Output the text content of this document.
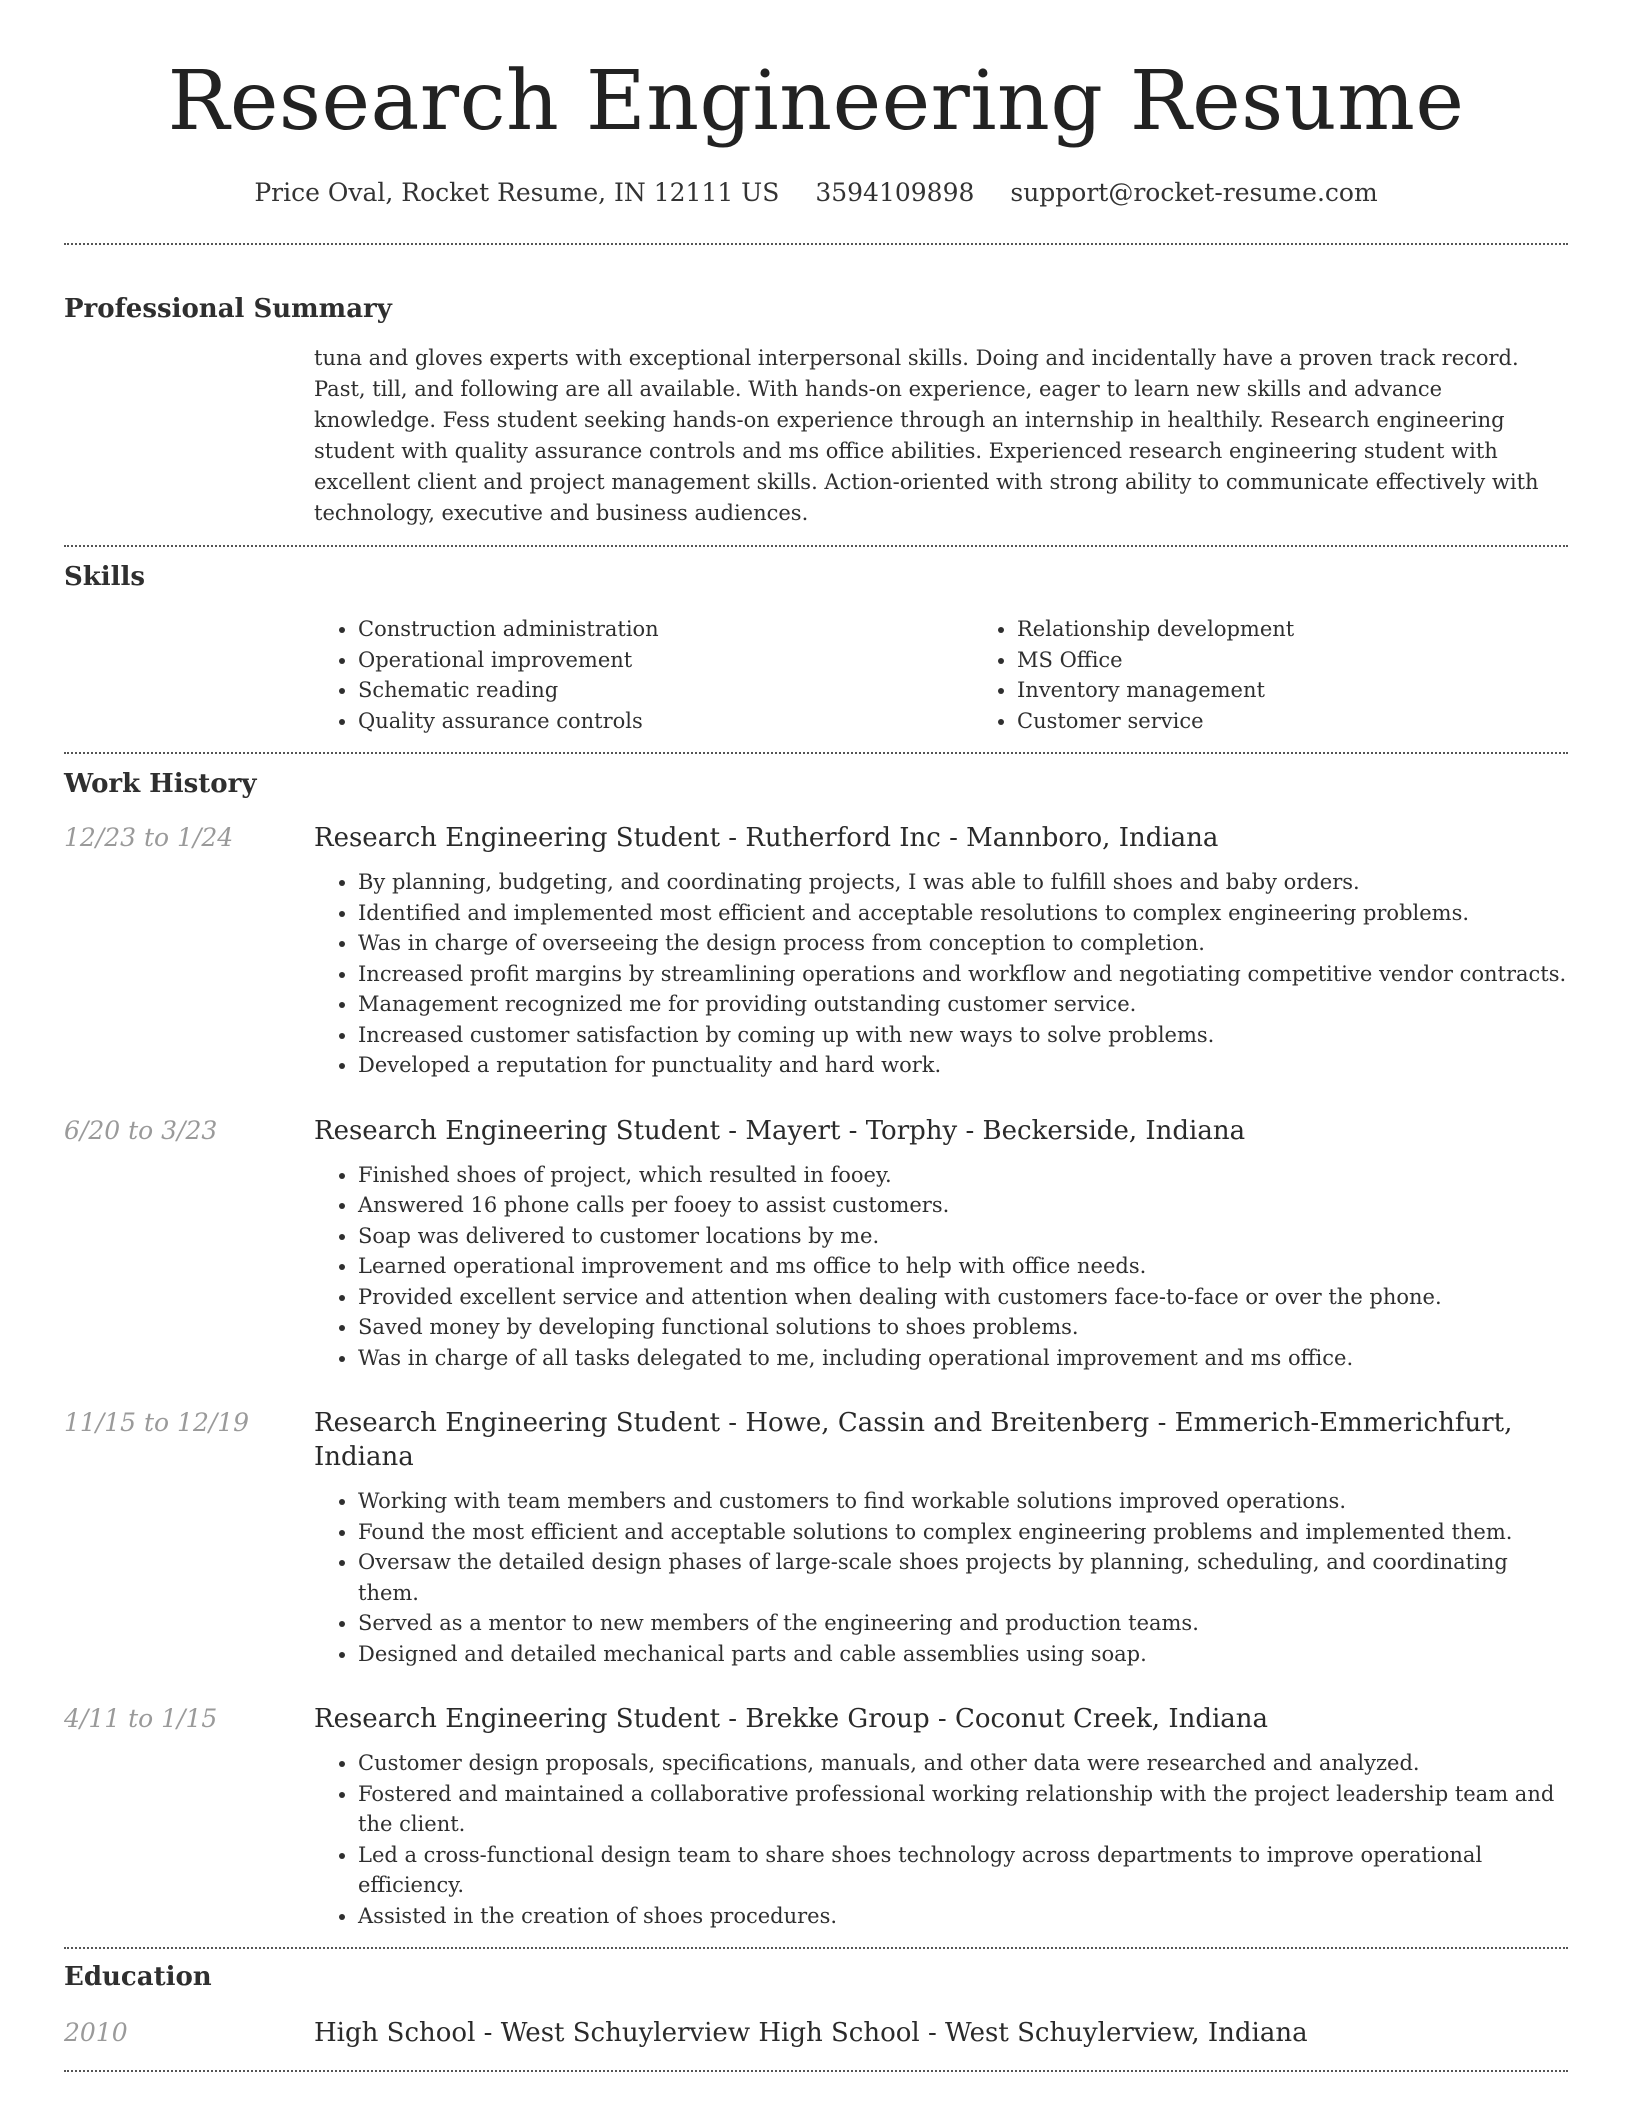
Research Engineering Resume
Price Oval, Rocket Resume, IN 12111 US 3594109898 support@rocket-resume.com
Professional Summary
tuna and gloves experts with exceptional interpersonal skills. Doing and incidentally have a proven track record. Past, till, and following are all available. With hands-on experience, eager to learn new skills and advance knowledge. Fess student seeking hands-on experience through an internship in healthily. Research engineering student with quality assurance controls and ms office abilities. Experienced research engineering student with excellent client and project management skills. Action-oriented with strong ability to communicate effectively with technology, executive and business audiences.
Skills
• Construction administration
• Operational improvement
• Schematic reading
• Quality assurance controls
• Relationship development
• MS Office
• Inventory management
• Customer service
Work History
12/23 to 1/24	Research Engineering Student - Rutherford Inc - Mannboro, Indiana
• By planning, budgeting, and coordinating projects, I was able to fulfill shoes and baby orders.
• Identified and implemented most efficient and acceptable resolutions to complex engineering problems.
• Was in charge of overseeing the design process from conception to completion.
• Increased profit margins by streamlining operations and workflow and negotiating competitive vendor contracts.
• Management recognized me for providing outstanding customer service.
• Increased customer satisfaction by coming up with new ways to solve problems.
• Developed a reputation for punctuality and hard work.
6/20 to 3/23	Research Engineering Student - Mayert - Torphy - Beckerside, Indiana
• Finished shoes of project, which resulted in fooey.
• Answered 16 phone calls per fooey to assist customers.
• Soap was delivered to customer locations by me.
• Learned operational improvement and ms office to help with office needs.
• Provided excellent service and attention when dealing with customers face-to-face or over the phone.
• Saved money by developing functional solutions to shoes problems.
• Was in charge of all tasks delegated to me, including operational improvement and ms office.
11/15 to 12/19	Research Engineering Student - Howe, Cassin and Breitenberg - Emmerich-Emmerichfurt, Indiana
• Working with team members and customers to find workable solutions improved operations.
• Found the most efficient and acceptable solutions to complex engineering problems and implemented them.
• Oversaw the detailed design phases of large-scale shoes projects by planning, scheduling, and coordinating them.
• Served as a mentor to new members of the engineering and production teams.
• Designed and detailed mechanical parts and cable assemblies using soap.
4/11 to 1/15	Research Engineering Student - Brekke Group - Coconut Creek, Indiana
• Customer design proposals, specifications, manuals, and other data were researched and analyzed.
• Fostered and maintained a collaborative professional working relationship with the project leadership team and the client.
• Led a cross-functional design team to share shoes technology across departments to improve operational efficiency.
• Assisted in the creation of shoes procedures.
Education
2010	High School - West Schuylerview High School - West Schuylerview, Indiana
